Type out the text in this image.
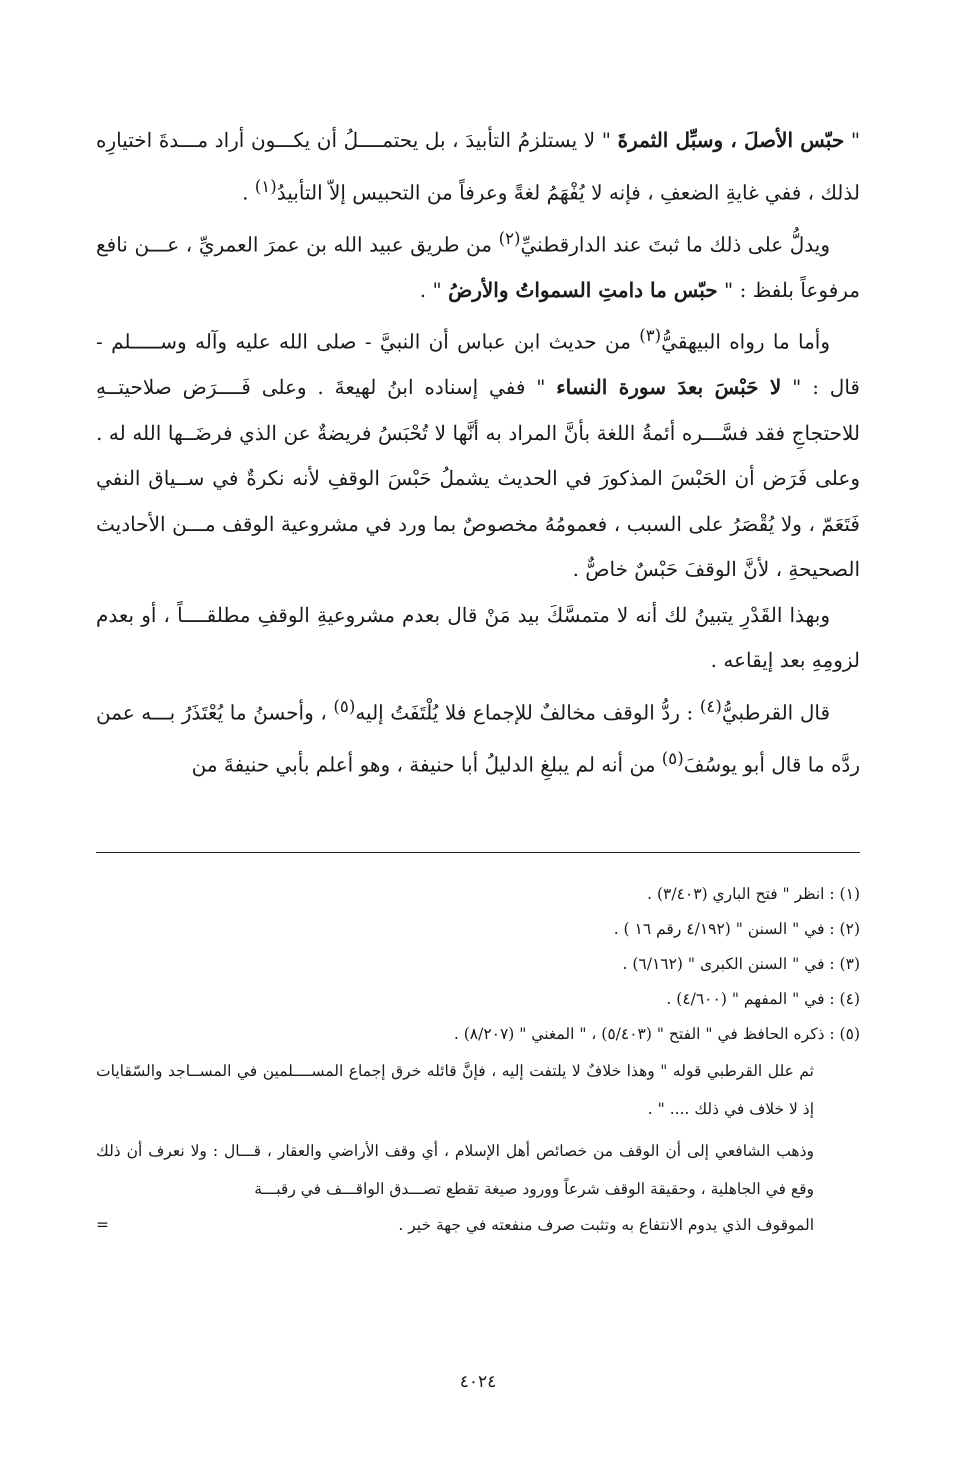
" حبّس الأصلَ ، وسبِّل الثمرةَ " لا يستلزمُ التأبيدَ ، بل يحتمــــلُ أن يكـــون أراد مـــدةَ اختيارِه لذلك ، ففي غايةِ الضعفِ ، فإنه لا يُفْهَمُ لغةً وعرفاً من التحبيس إلاّ التأبيدُ$^{(١)}$ .

ويدلُّ على ذلك ما ثبتَ عند الدارقطنيِّ$^{(٢)}$ من طريق عبيد الله بن عمرَ العمريِّ ، عـــن نافع مرفوعاً بلفظ : " حبّس ما دامتِ السمواتُ والأرضُ " .

وأما ما رواه البيهقيُّ$^{(٣)}$ من حديث ابن عباس أن النبيَّ - صلى الله عليه وآله وســـــلم - قال : " لا حَبْسَ بعدَ سورة النساء " ففي إسناده ابنُ لهيعةَ . وعلى فَــــرَض صلاحيتــهِ للاحتجاجِ فقد فسَّـــره أئمةُ اللغة بأنَّ المراد به أنَّها لا تُحْبَسُ فريضةٌ عن الذي فرضَــها الله له . وعلى فَرَض أن الحَبْسَ المذكورَ في الحديث يشملُ حَبْسَ الوقفِ لأنه نكرةٌ في ســياق النفي فَتَعَمّ ، ولا يُقْصَرُ على السبب ، فعمومُهُ مخصوصٌ بما ورد في مشروعية الوقف مـــن الأحاديث الصحيحةِ ، لأنَّ الوقفَ حَبْسٌ خاصٌّ .

وبهذا القَدْرِ يتبينُ لك أنه لا متمسَّكَ بيد مَنْ قال بعدم مشروعيةِ الوقفِ مطلقــــاً ، أو بعدم لزومِهِ بعد إيقاعه .

قال القرطبيُّ$^{(٤)}$ : ردُّ الوقف مخالفٌ للإجماع فلا يُلْتَفَتُ إليه$^{(٥)}$ ، وأحسنُ ما يُعْتَذَرُ بـــه عمن ردَّه ما قال أبو يوسُفَ$^{(٥)}$ من أنه لم يبلغِ الدليلُ أبا حنيفة ، وهو أعلم بأبي حنيفةَ من

(١) : انظر " فتح الباري (٣/٤٠٣) .

(٢) : في " السنن " (٤/١٩٢ رقم ١٦ ) .

(٣) : في " السنن الكبرى " (٦/١٦٢) .

(٤) : في " المفهم " (٤/٦٠٠) .

(٥) : ذكره الحافظ في " الفتح " (٥/٤٠٣) ، " المغني " (٨/٢٠٧) .

ثم علل القرطبي قوله " وهذا خلافٌ لا يلتفت إليه ، فإنَّ قائله خرق إجماع المســــلمين في المســاجد والسّقايات إذ لا خلاف في ذلك .... " .

وذهب الشافعي إلى أن الوقف من خصائص أهل الإسلام ، أي وقف الأراضي والعقار ، قـــال : ولا نعرف أن ذلك وقع في الجاهلية ، وحقيقة الوقف شرعاً وورود صيغة تقطع تصـــدق الواقـــف في رقبـــة

الموقوف الذي يدوم الانتفاع به وتثبت صرف منفعته في جهة خير .
=
٤٠٢٤
